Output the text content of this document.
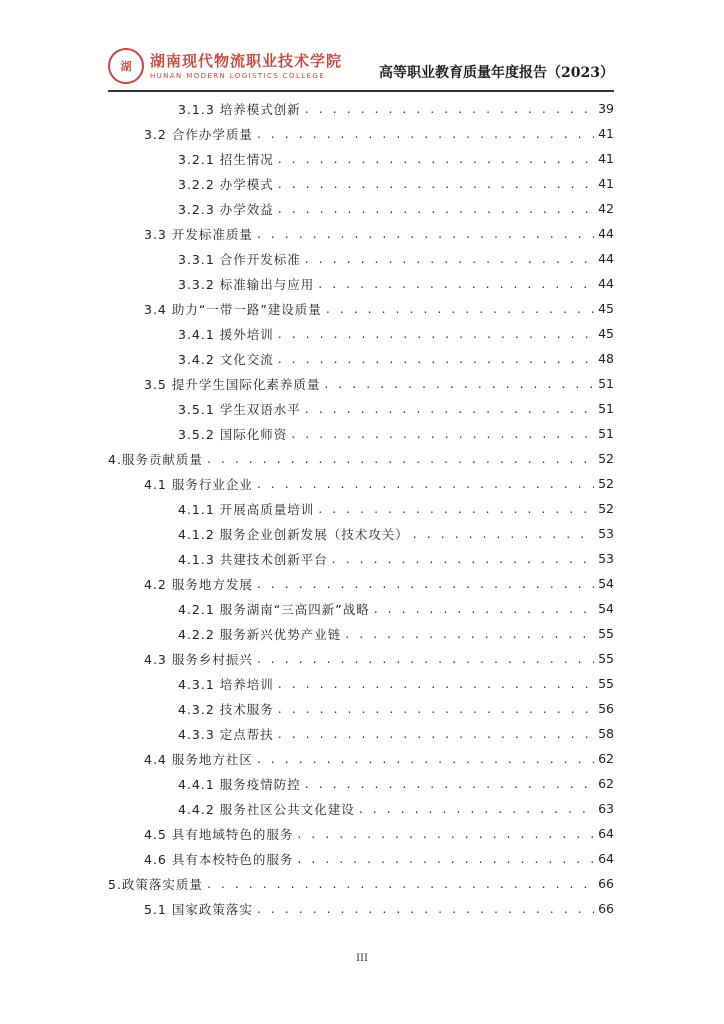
湖	湖南现代物流职业技术学院
HUNAN MODERN LOGISTICS COLLEGE	高等职业教育质量年度报告（2023）
3.1.3 培养模式创新 . . .	39
3.2 合作办学质量 . . .	41
3.2.1 招生情况 . . .	41
3.2.2 办学模式 . . .	41
3.2.3 办学效益 . . .	42
3.3 开发标准质量 . . .	44
3.3.1 合作开发标准 . . .	44
3.3.2 标准输出与应用 . . .	44
3.4 助力“一带一路”建设质量 . . .	45
3.4.1 援外培训 . . .	45
3.4.2 文化交流 . . .	48
3.5 提升学生国际化素养质量 . . .	51
3.5.1 学生双语水平 . . .	51
3.5.2 国际化师资 . . .	51
4.服务贡献质量 . . .	52
4.1 服务行业企业 . . .	52
4.1.1 开展高质量培训 . . .	52
4.1.2 服务企业创新发展（技术攻关） . . .	53
4.1.3 共建技术创新平台 . . .	53
4.2 服务地方发展 . . .	54
4.2.1 服务湖南“三高四新”战略 . . .	54
4.2.2 服务新兴优势产业链 . . .	55
4.3 服务乡村振兴 . . .	55
4.3.1 培养培训 . . .	55
4.3.2 技术服务 . . .	56
4.3.3 定点帮扶 . . .	58
4.4 服务地方社区 . . .	62
4.4.1 服务疫情防控 . . .	62
4.4.2 服务社区公共文化建设 . . .	63
4.5 具有地域特色的服务 . . .	64
4.6 具有本校特色的服务 . . .	64
5.政策落实质量 . . .	66
5.1 国家政策落实 . . .	66
III
